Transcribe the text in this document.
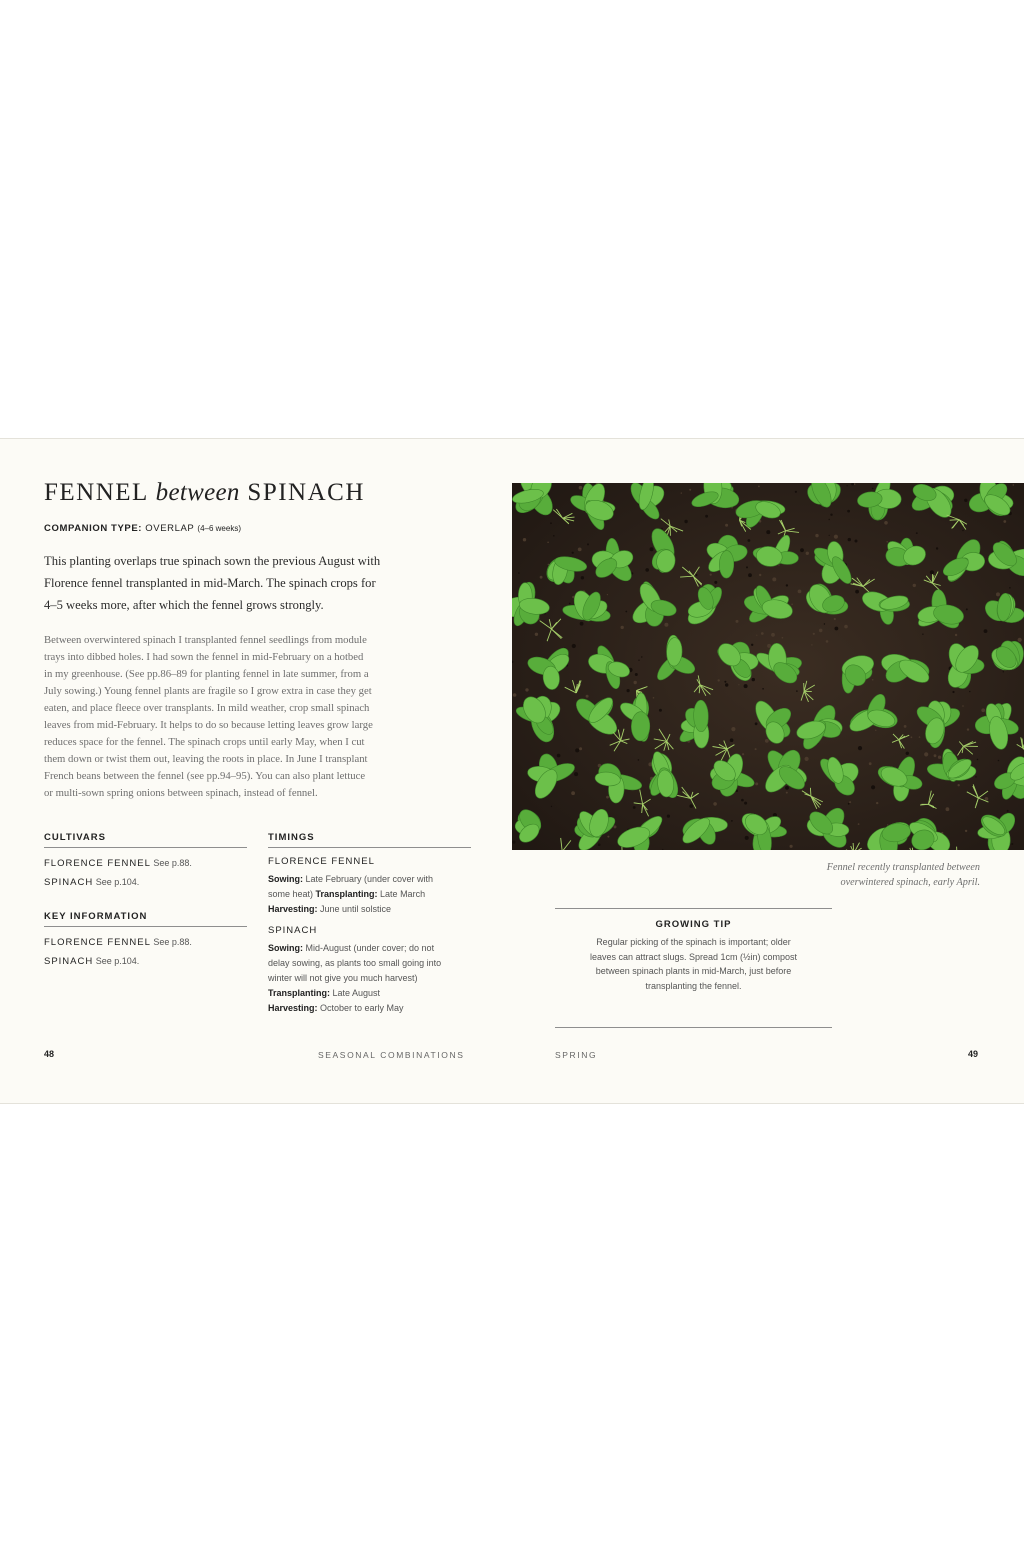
FENNEL between SPINACH
COMPANION TYPE: OVERLAP (4–6 weeks)
This planting overlaps true spinach sown the previous August with
Florence fennel transplanted in mid-March. The spinach crops for
4–5 weeks more, after which the fennel grows strongly.
Between overwintered spinach I transplanted fennel seedlings from module
trays into dibbed holes. I had sown the fennel in mid-February on a hotbed
in my greenhouse. (See pp.86–89 for planting fennel in late summer, from a
July sowing.) Young fennel plants are fragile so I grow extra in case they get
eaten, and place fleece over transplants. In mild weather, crop small spinach
leaves from mid-February. It helps to do so because letting leaves grow large
reduces space for the fennel. The spinach crops until early May, when I cut
them down or twist them out, leaving the roots in place. In June I transplant
French beans between the fennel (see pp.94–95). You can also plant lettuce
or multi-sown spring onions between spinach, instead of fennel.
CULTIVARS
FLORENCE FENNEL See p.88.
SPINACH See p.104.
KEY INFORMATION
FLORENCE FENNEL See p.88.
SPINACH See p.104.
TIMINGS
FLORENCE FENNEL
Sowing: Late February (under cover with
some heat) Transplanting: Late March
Harvesting: June until solstice
SPINACH
Sowing: Mid-August (under cover; do not
delay sowing, as plants too small going into
winter will not give you much harvest)
Transplanting: Late August
Harvesting: October to early May
Fennel recently transplanted between
overwintered spinach, early April.
GROWING TIP
Regular picking of the spinach is important; older
leaves can attract slugs. Spread 1cm (½in) compost
between spinach plants in mid-March, just before
transplanting the fennel.
48	SEASONAL COMBINATIONS	SPRING	49
